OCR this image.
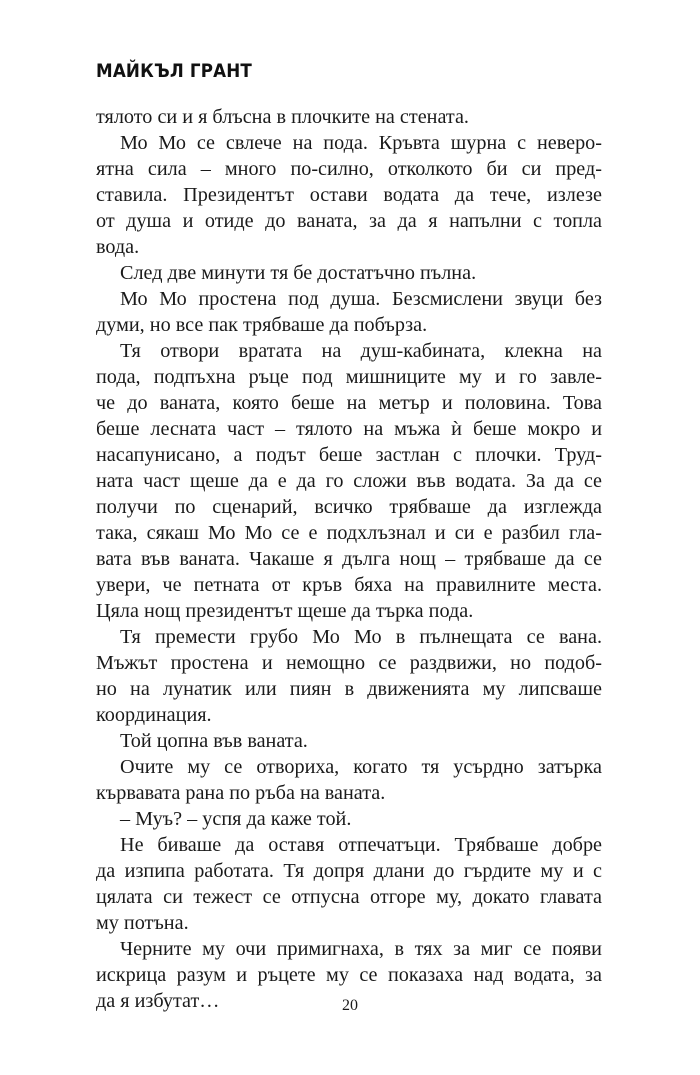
МАЙКЪЛ ГРАНТ
тялото си и я блъсна в плочките на стената.
Мо Мо се свлече на пода. Кръвта шурна с неверо-
ятна сила – много по-силно, отколкото би си пред-
ставила. Президентът остави водата да тече, излезе
от душа и отиде до ваната, за да я напълни с топла
вода.
След две минути тя бе достатъчно пълна.
Мо Мо простена под душа. Безсмислени звуци без
думи, но все пак трябваше да побърза.
Тя отвори вратата на душ-кабината, клекна на
пода, подпъхна ръце под мишниците му и го завле-
че до ваната, която беше на метър и половина. Това
беше лесната част – тялото на мъжа ѝ беше мокро и
насапунисано, а подът беше застлан с плочки. Труд-
ната част щеше да е да го сложи във водата. За да се
получи по сценарий, всичко трябваше да изглежда
така, сякаш Мо Мо се е подхлъзнал и си е разбил гла-
вата във ваната. Чакаше я дълга нощ – трябваше да се
увери, че петната от кръв бяха на правилните места.
Цяла нощ президентът щеше да търка пода.
Тя премести грубо Мо Мо в пълнещата се вана.
Мъжът простена и немощно се раздвижи, но подоб-
но на лунатик или пиян в движенията му липсваше
координация.
Той цопна във ваната.
Очите му се отвориха, когато тя усърдно затърка
кървавата рана по ръба на ваната.
– Муъ? – успя да каже той.
Не биваше да оставя отпечатъци. Трябваше добре
да изпипа работата. Тя допря длани до гърдите му и с
цялата си тежест се отпусна отгоре му, докато главата
му потъна.
Черните му очи примигнаха, в тях за миг се появи
искрица разум и ръцете му се показаха над водата, за
да я избутат…	20
